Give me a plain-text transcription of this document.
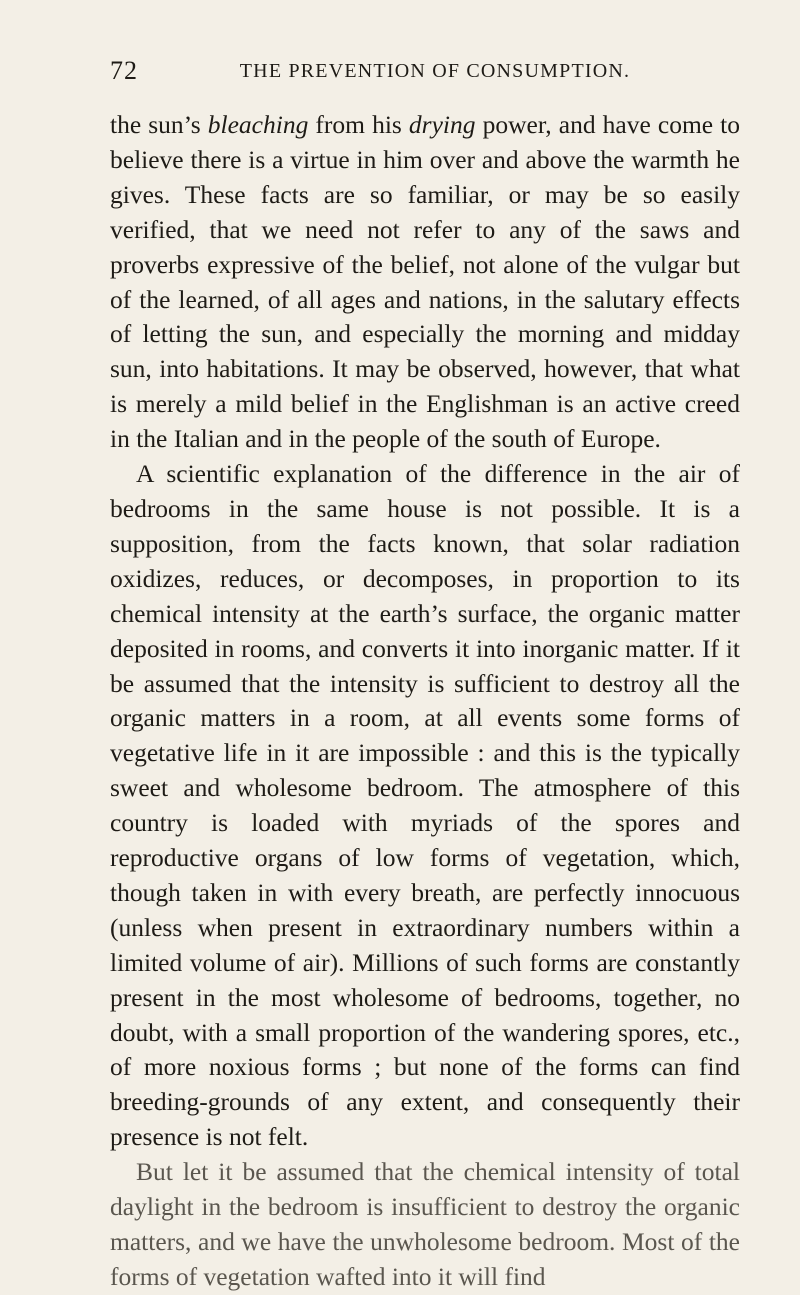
72	THE PREVENTION OF CONSUMPTION.

the sun’s bleaching from his drying power, and have come to believe there is a virtue in him over and above the warmth he gives. These facts are so familiar, or may be so easily verified, that we need not refer to any of the saws and proverbs expressive of the belief, not alone of the vulgar but of the learned, of all ages and nations, in the salutary effects of letting the sun, and especially the morning and midday sun, into habitations. It may be observed, however, that what is merely a mild belief in the Englishman is an active creed in the Italian and in the people of the south of Europe.

A scientific explanation of the difference in the air of bedrooms in the same house is not possible. It is a supposition, from the facts known, that solar radiation oxidizes, reduces, or decomposes, in proportion to its chemical intensity at the earth’s surface, the organic matter deposited in rooms, and converts it into inorganic matter. If it be assumed that the intensity is sufficient to destroy all the organic matters in a room, at all events some forms of vegetative life in it are impossible : and this is the typically sweet and wholesome bedroom. The atmosphere of this country is loaded with myriads of the spores and reproductive organs of low forms of vegetation, which, though taken in with every breath, are perfectly innocuous (unless when present in extraordinary numbers within a limited volume of air). Millions of such forms are constantly present in the most wholesome of bedrooms, together, no doubt, with a small proportion of the wandering spores, etc., of more noxious forms ; but none of the forms can find breeding-grounds of any extent, and consequently their presence is not felt.

But let it be assumed that the chemical intensity of total daylight in the bedroom is insufficient to destroy the organic matters, and we have the unwholesome bedroom. Most of the forms of vegetation wafted into it will find
